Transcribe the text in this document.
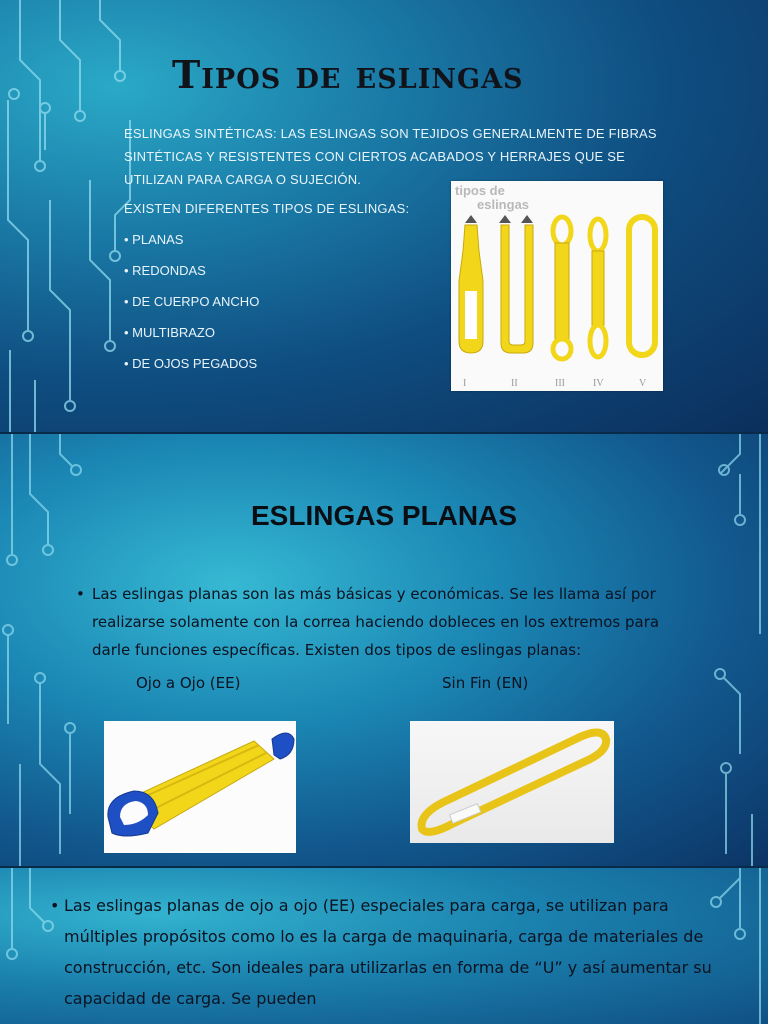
Tipos de eslingas

ESLINGAS SINTÉTICAS: LAS ESLINGAS SON TEJIDOS GENERALMENTE DE FIBRAS SINTÉTICAS Y RESISTENTES CON CIERTOS ACABADOS Y HERRAJES QUE SE UTILIZAN PARA CARGA O SUJECIÓN.

EXISTEN DIFERENTES TIPOS DE ESLINGAS:

• PLANAS
• REDONDAS
• DE CUERPO ANCHO
• MULTIBRAZO
• DE OJOS PEGADOS
tipos de
eslingas
I	II	III	IV	V
ESLINGAS PLANAS

• Las eslingas planas son las más básicas y económicas. Se les llama así por realizarse solamente con la correa haciendo dobleces en los extremos para darle funciones específicas. Existen dos tipos de eslingas planas:

Ojo a Ojo (EE)	Sin Fin (EN)

• Las eslingas planas de ojo a ojo (EE) especiales para carga, se utilizan para múltiples propósitos como lo es la carga de maquinaria, carga de materiales de construcción, etc. Son ideales para utilizarlas en forma de “U” y así aumentar su capacidad de carga. Se pueden
